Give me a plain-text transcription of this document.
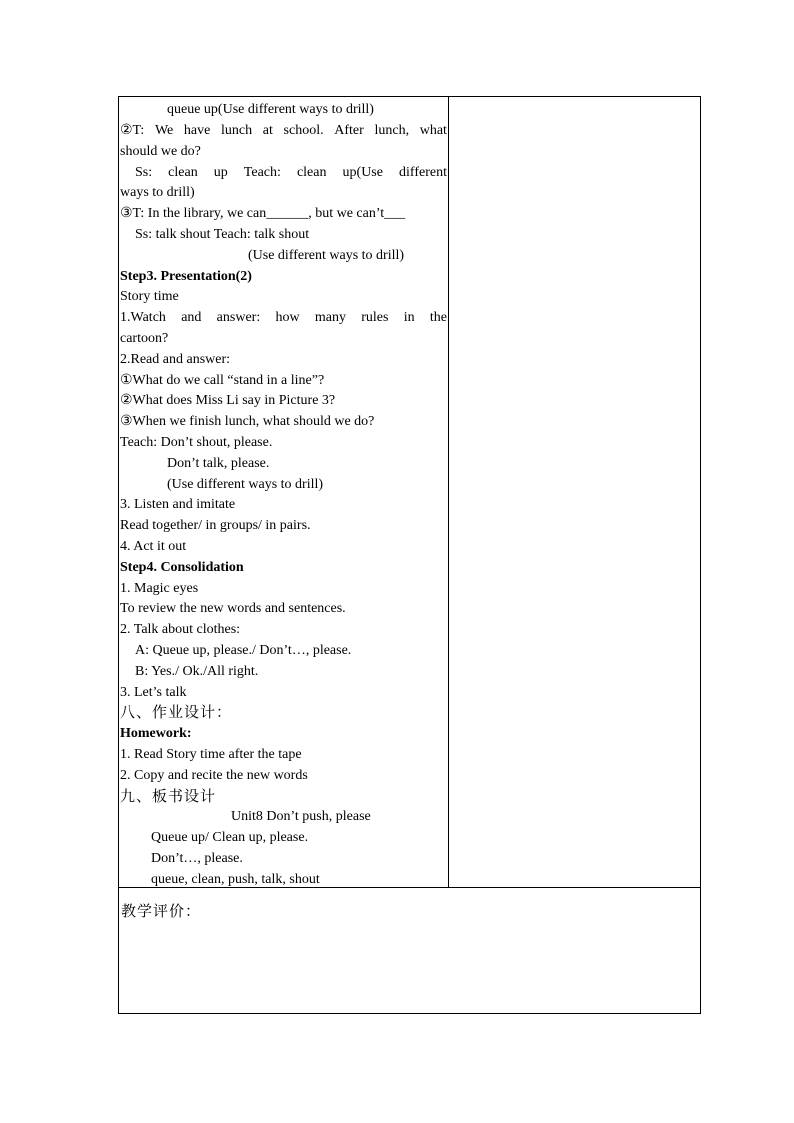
queue up(Use different ways to drill)
②T: We have lunch at school. After lunch, what
should we do?
Ss: clean up Teach: clean up(Use different
ways to drill)
③T: In the library, we can______, but we can’t___
Ss: talk shout Teach: talk shout
(Use different ways to drill)
Step3. Presentation(2)
Story time
1.Watch and answer: how many rules in the
cartoon?
2.Read and answer:
①What do we call “stand in a line”?
②What does Miss Li say in Picture 3?
③When we finish lunch, what should we do?
Teach: Don’t shout, please.
Don’t talk, please.
(Use different ways to drill)
3. Listen and imitate
Read together/ in groups/ in pairs.
4. Act it out
Step4. Consolidation
1. Magic eyes
To review the new words and sentences.
2. Talk about clothes:
A: Queue up, please./ Don’t…, please.
B: Yes./ Ok./All right.
3. Let’s talk
八、作业设计：
Homework:
1. Read Story time after the tape
2. Copy and recite the new words
九、板书设计
Unit8 Don’t push, please
Queue up/ Clean up, please.
Don’t…, please.
queue, clean, push, talk, shout
教学评价：
